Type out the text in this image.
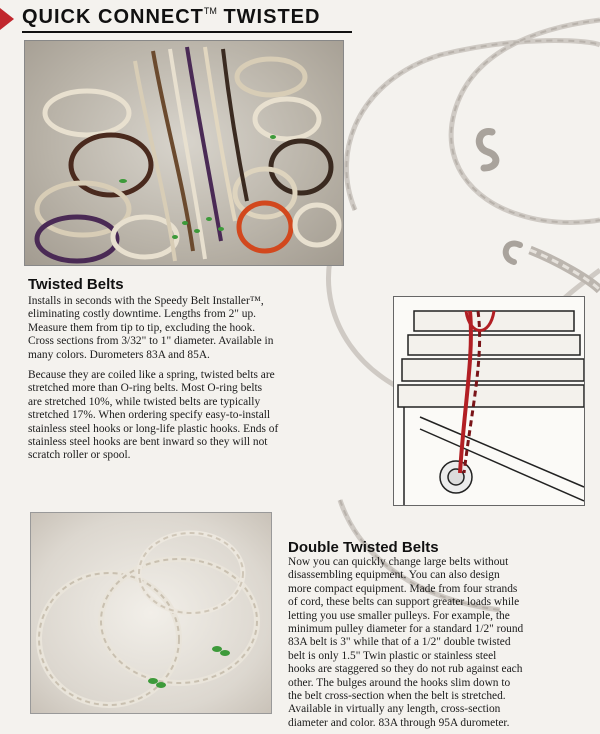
QUICK CONNECT™ TWISTED
Twisted Belts

Installs in seconds with the Speedy Belt Installer™,

eliminating costly downtime. Lengths from 2" up.

Measure them from tip to tip, excluding the hook.

Cross sections from 3/32" to 1" diameter. Available in

many colors. Durometers 83A and 85A.

Because they are coiled like a spring, twisted belts are

stretched more than O-ring belts. Most O-ring belts

are stretched 10%, while twisted belts are typically

stretched 17%. When ordering specify easy-to-install

stainless steel hooks or long-life plastic hooks. Ends of

stainless steel hooks are bent inward so they will not

scratch roller or spool.

Double Twisted Belts

Now you can quickly change large belts without

disassembling equipment. You can also design

more compact equipment. Made from four strands

of cord, these belts can support greater loads while

letting you use smaller pulleys. For example, the

minimum pulley diameter for a standard 1/2" round

83A belt is 3" while that of a 1/2" double twisted

belt is only 1.5" Twin plastic or stainless steel

hooks are staggered so they do not rub against each

other. The bulges around the hooks slim down to

the belt cross-section when the belt is stretched.

Available in virtually any length, cross-section

diameter and color. 83A through 95A durometer.
